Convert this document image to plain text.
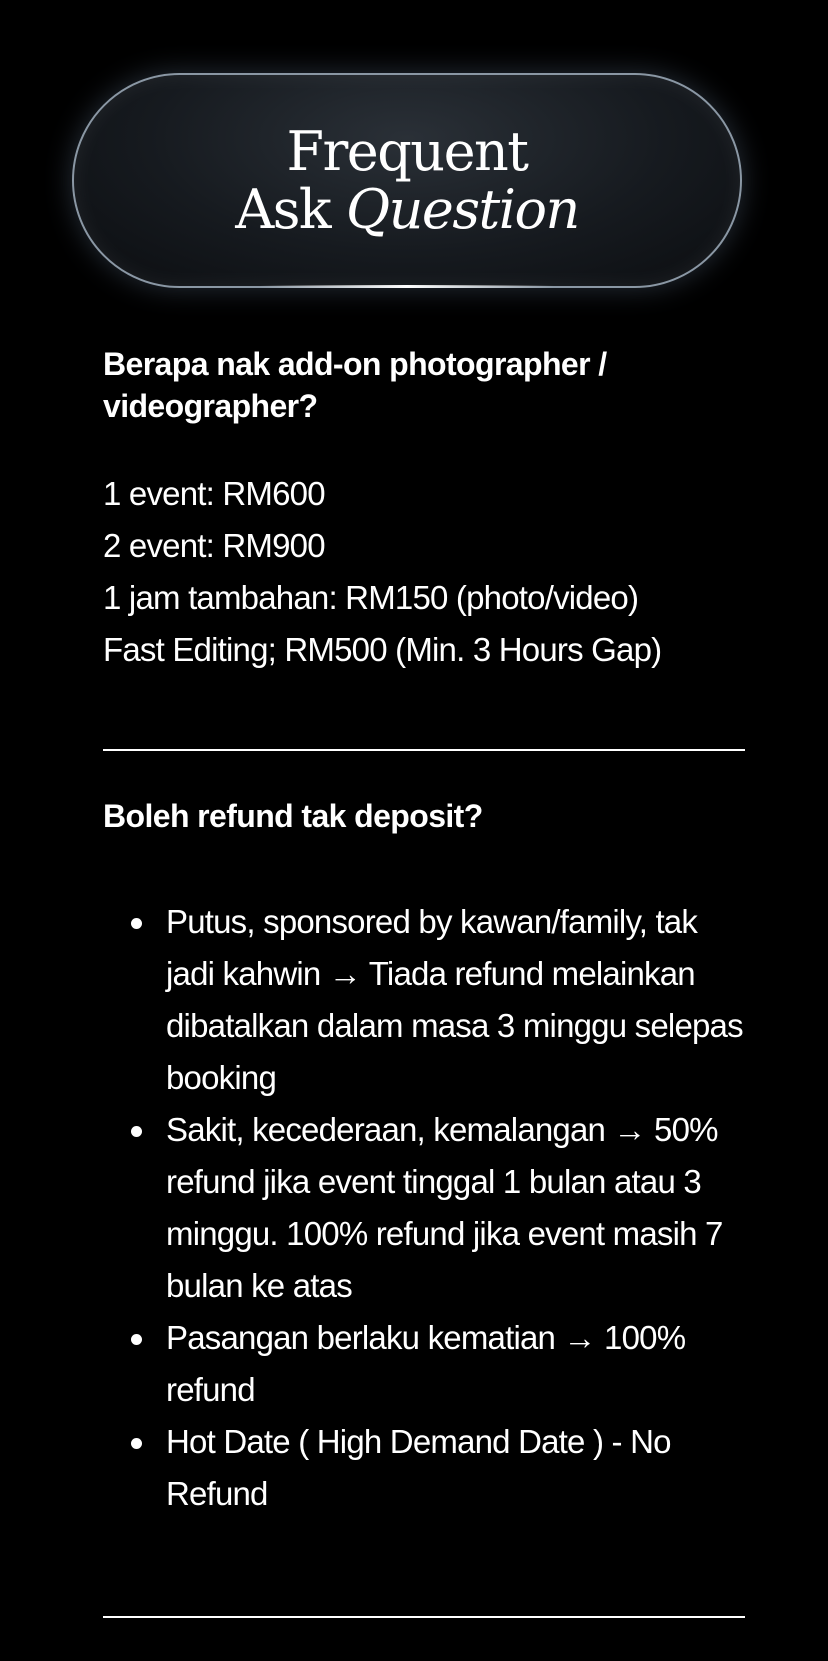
Frequent
Ask Question
Berapa nak add-on photographer / videographer?
1 event: RM600
2 event: RM900
1 jam tambahan: RM150 (photo/video)
Fast Editing; RM500 (Min. 3 Hours Gap)
Boleh refund tak deposit?
Putus, sponsored by kawan/family, tak jadi kahwin → Tiada refund melainkan dibatalkan dalam masa 3 minggu selepas booking
Sakit, kecederaan, kemalangan → 50% refund jika event tinggal 1 bulan atau 3 minggu. 100% refund jika event masih 7 bulan ke atas
Pasangan berlaku kematian → 100% refund
Hot Date ( High Demand Date ) - No Refund
